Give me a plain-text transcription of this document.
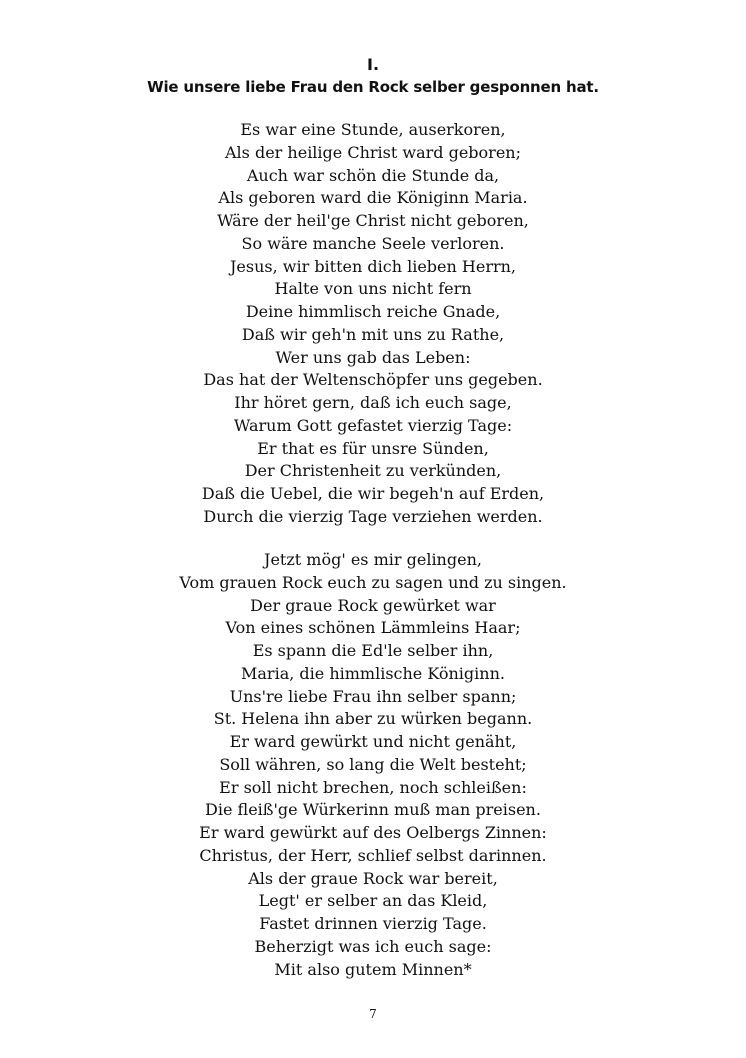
I.
Wie unsere liebe Frau den Rock selber gesponnen hat.
Es war eine Stunde, auserkoren,
Als der heilige Christ ward geboren;
Auch war schön die Stunde da,
Als geboren ward die Königinn Maria.
Wäre der heil'ge Christ nicht geboren,
So wäre manche Seele verloren.
Jesus, wir bitten dich lieben Herrn,
Halte von uns nicht fern
Deine himmlisch reiche Gnade,
Daß wir geh'n mit uns zu Rathe,
Wer uns gab das Leben:
Das hat der Weltenschöpfer uns gegeben.
Ihr höret gern, daß ich euch sage,
Warum Gott gefastet vierzig Tage:
Er that es für unsre Sünden,
Der Christenheit zu verkünden,
Daß die Uebel, die wir begeh'n auf Erden,
Durch die vierzig Tage verziehen werden.
Jetzt mög' es mir gelingen,
Vom grauen Rock euch zu sagen und zu singen.
Der graue Rock gewürket war
Von eines schönen Lämmleins Haar;
Es spann die Ed'le selber ihn,
Maria, die himmlische Königinn.
Uns're liebe Frau ihn selber spann;
St. Helena ihn aber zu würken begann.
Er ward gewürkt und nicht genäht,
Soll währen, so lang die Welt besteht;
Er soll nicht brechen, noch schleißen:
Die fleiß'ge Würkerinn muß man preisen.
Er ward gewürkt auf des Oelbergs Zinnen:
Christus, der Herr, schlief selbst darinnen.
Als der graue Rock war bereit,
Legt' er selber an das Kleid,
Fastet drinnen vierzig Tage.
Beherzigt was ich euch sage:
Mit also gutem Minnen*
7
